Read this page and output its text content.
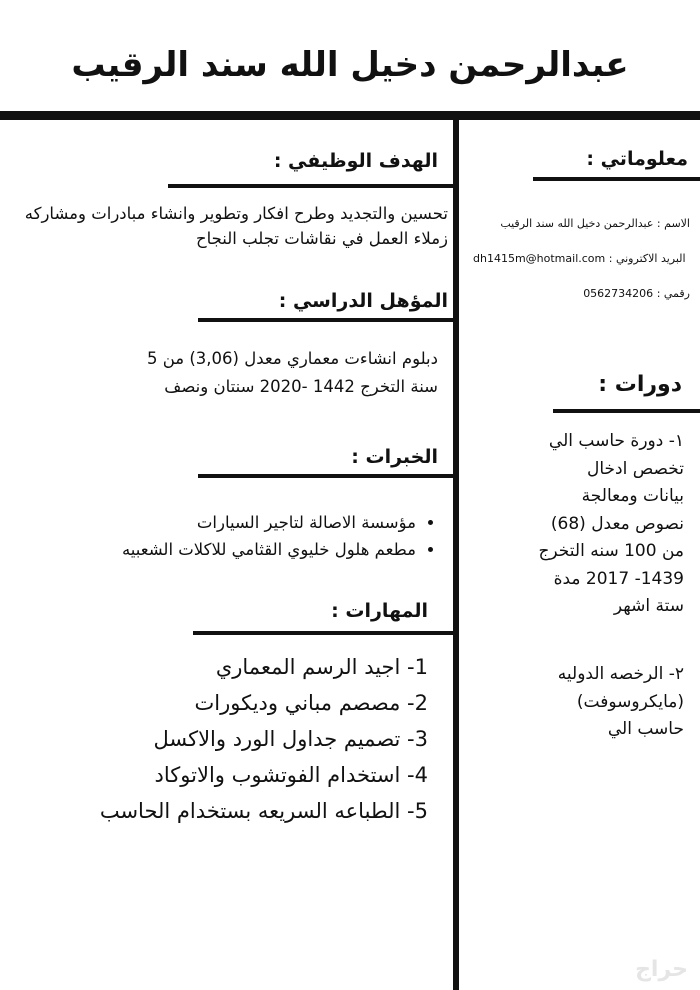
عبدالرحمن دخيل الله سند الرقيب
الهدف الوظيفي :
تحسين والتجديد وطرح افكار وتطوير وانشاء مبادرات ومشاركه
زملاء العمل في نقاشات تجلب النجاح
المؤهل الدراسي :
دبلوم انشاءت معماري معدل (3,06) من 5
سنة التخرج 1442 -2020 سنتان ونصف
الخبرات :
• مؤسسة الاصالة لتاجير السيارات
• مطعم هلول خليوي القثامي للاكلات الشعبيه
المهارات :
1- اجيد الرسم المعماري
2- مصصم مباني وديكورات
3- تصميم جداول الورد والاكسل
4- استخدام الفوتشوب والاتوكاد
5- الطباعه السريعه بستخدام الحاسب
معلوماتي :
الاسم : عبدالرحمن دخيل الله سند الرقيب
dh1415m@hotmail.com البريد الاكتروني :
0562734206 رقمي :
دورات :
١- دورة حاسب الي
تخصص ادخال
بيانات ومعالجة
نصوص معدل (68)
من 100 سنه التخرج
1439- 2017 مدة
ستة اشهر
٢- الرخصه الدوليه
(مايكروسوفت)
حاسب الي
حراج
